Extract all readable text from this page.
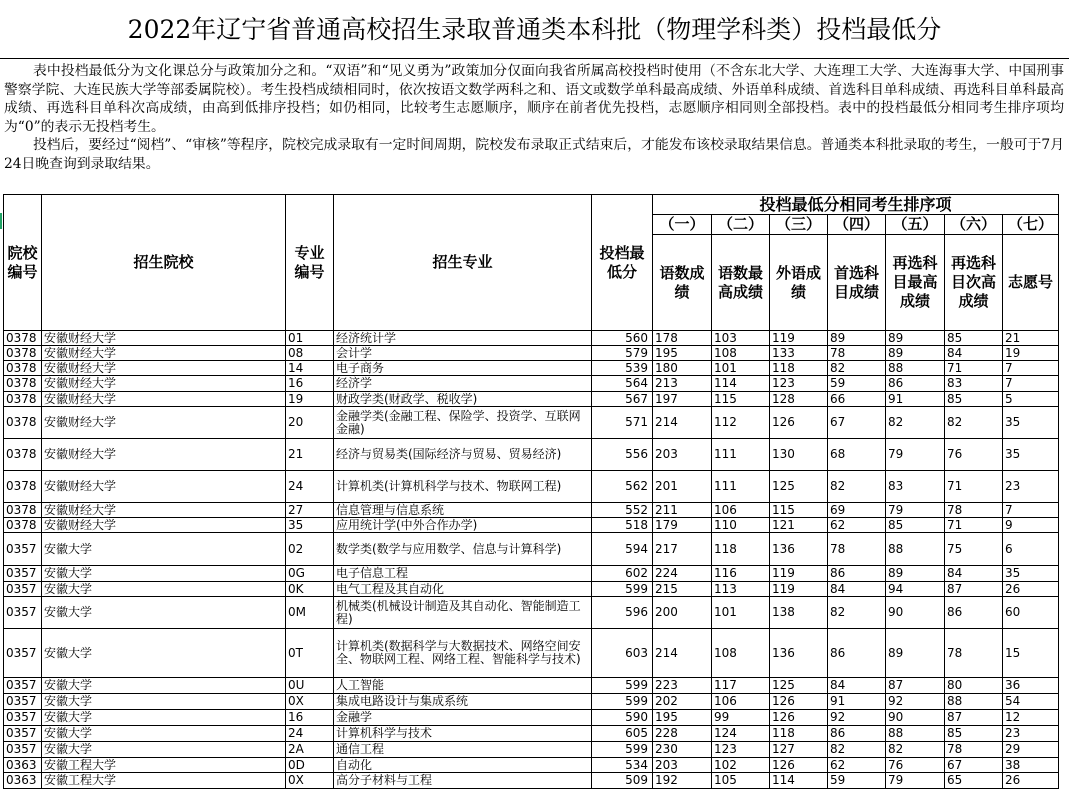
2022年辽宁省普通高校招生录取普通类本科批（物理学科类）投档最低分

表中投档最低分为文化课总分与政策加分之和。“双语”和“见义勇为”政策加分仅面向我省所属高校投档时使用（不含东北大学、大连理工大学、大连海事大学、中国刑事警察学院、大连民族大学等部委属院校）。考生投档成绩相同时，依次按语文数学两科之和、语文或数学单科最高成绩、外语单科成绩、首选科目单科成绩、再选科目单科最高成绩、再选科目单科次高成绩，由高到低排序投档；如仍相同，比较考生志愿顺序，顺序在前者优先投档，志愿顺序相同则全部投档。表中的投档最低分相同考生排序项均为“0”的表示无投档考生。

投档后，要经过“阅档”、“审核”等程序，院校完成录取有一定时间周期，院校发布录取正式结束后，才能发布该校录取结果信息。普通类本科批录取的考生，一般可于7月24日晚查询到录取结果。

院校编号	招生院校	专业编号	招生专业	投档最低分	投档最低分相同考生排序项						
					（一）	（二）	（三）	（四）	（五）	（六）	（七）
					语数成绩	语数最高成绩	外语成绩	首选科目成绩	再选科目最高成绩	再选科目次高成绩	志愿号
0378	安徽财经大学	01	经济统计学	560	178	103	119	89	89	85	21
0378	安徽财经大学	08	会计学	579	195	108	133	78	89	84	19
0378	安徽财经大学	14	电子商务	539	180	101	118	82	88	71	7
0378	安徽财经大学	16	经济学	564	213	114	123	59	86	83	7
0378	安徽财经大学	19	财政学类(财政学、税收学)	567	197	115	128	66	91	85	5
0378	安徽财经大学	20	金融学类(金融工程、保险学、投资学、互联网金融)	571	214	112	126	67	82	82	35
0378	安徽财经大学	21	经济与贸易类(国际经济与贸易、贸易经济)	556	203	111	130	68	79	76	35
0378	安徽财经大学	24	计算机类(计算机科学与技术、物联网工程)	562	201	111	125	82	83	71	23
0378	安徽财经大学	27	信息管理与信息系统	552	211	106	115	69	79	78	7
0378	安徽财经大学	35	应用统计学(中外合作办学)	518	179	110	121	62	85	71	9
0357	安徽大学	02	数学类(数学与应用数学、信息与计算科学)	594	217	118	136	78	88	75	6
0357	安徽大学	0G	电子信息工程	602	224	116	119	86	89	84	35
0357	安徽大学	0K	电气工程及其自动化	599	215	113	119	84	94	87	26
0357	安徽大学	0M	机械类(机械设计制造及其自动化、智能制造工程)	596	200	101	138	82	90	86	60
0357	安徽大学	0T	计算机类(数据科学与大数据技术、网络空间安全、物联网工程、网络工程、智能科学与技术)	603	214	108	136	86	89	78	15
0357	安徽大学	0U	人工智能	599	223	117	125	84	87	80	36
0357	安徽大学	0X	集成电路设计与集成系统	599	202	106	126	91	92	88	54
0357	安徽大学	16	金融学	590	195	99	126	92	90	87	12
0357	安徽大学	24	计算机科学与技术	605	228	124	118	86	88	85	23
0357	安徽大学	2A	通信工程	599	230	123	127	82	82	78	29
0363	安徽工程大学	0D	自动化	534	203	102	126	62	76	67	38
0363	安徽工程大学	0X	高分子材料与工程	509	192	105	114	59	79	65	26
